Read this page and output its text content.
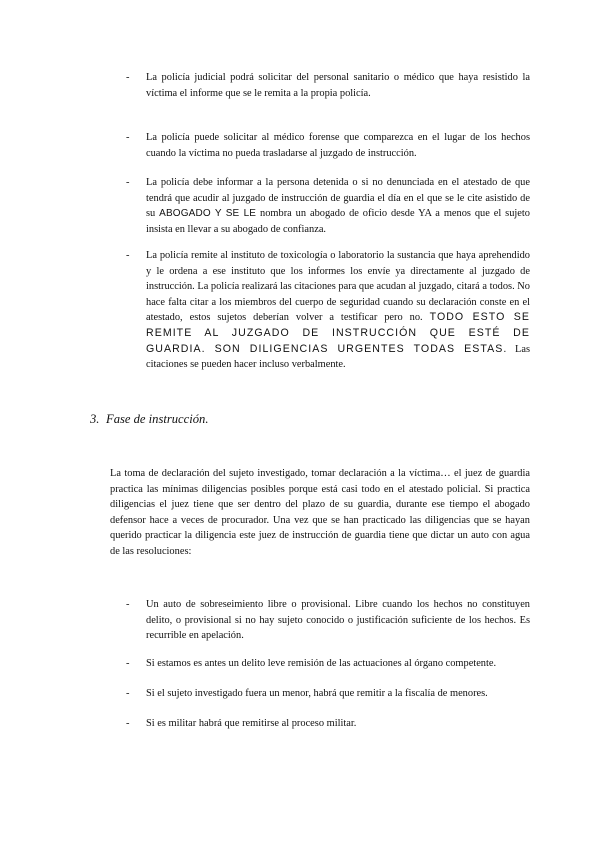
-	La policía judicial podrá solicitar del personal sanitario o médico que haya resistido la víctima el informe que se le remita a la propia policía.
-	La policía puede solicitar al médico forense que comparezca en el lugar de los hechos cuando la víctima no pueda trasladarse al juzgado de instrucción.
-	La policía debe informar a la persona detenida o si no denunciada en el atestado de que tendrá que acudir al juzgado de instrucción de guardia el día en el que se le cite asistido de su ABOGADO Y SE LE nombra un abogado de oficio desde YA a menos que el sujeto insista en llevar a su abogado de confianza.
-	La policía remite al instituto de toxicología o laboratorio la sustancia que haya aprehendido y le ordena a ese instituto que los informes los envíe ya directamente al juzgado de instrucción. La policía realizará las citaciones para que acudan al juzgado, citará a todos. No hace falta citar a los miembros del cuerpo de seguridad cuando su declaración conste en el atestado, estos sujetos deberían volver a testificar pero no. TODO ESTO SE REMITE AL JUZGADO DE INSTRUCCIÓN QUE ESTÉ DE GUARDIA. SON DILIGENCIAS URGENTES TODAS ESTAS. Las citaciones se pueden hacer incluso verbalmente.
3. Fase de instrucción.
La toma de declaración del sujeto investigado, tomar declaración a la víctima… el juez de guardia practica las mínimas diligencias posibles porque está casi todo en el atestado policial. Si practica diligencias el juez tiene que ser dentro del plazo de su guardia, durante ese tiempo el abogado defensor hace a veces de procurador. Una vez que se han practicado las diligencias que se hayan querido practicar la diligencia este juez de instrucción de guardia tiene que dictar un auto con agua de las resoluciones:
-	Un auto de sobreseimiento libre o provisional. Libre cuando los hechos no constituyen delito, o provisional si no hay sujeto conocido o justificación suficiente de los hechos. Es recurrible en apelación.
-	Si estamos es antes un delito leve remisión de las actuaciones al órgano competente.
-	Si el sujeto investigado fuera un menor, habrá que remitir a la fiscalía de menores.
-	Si es militar habrá que remitirse al proceso militar.
